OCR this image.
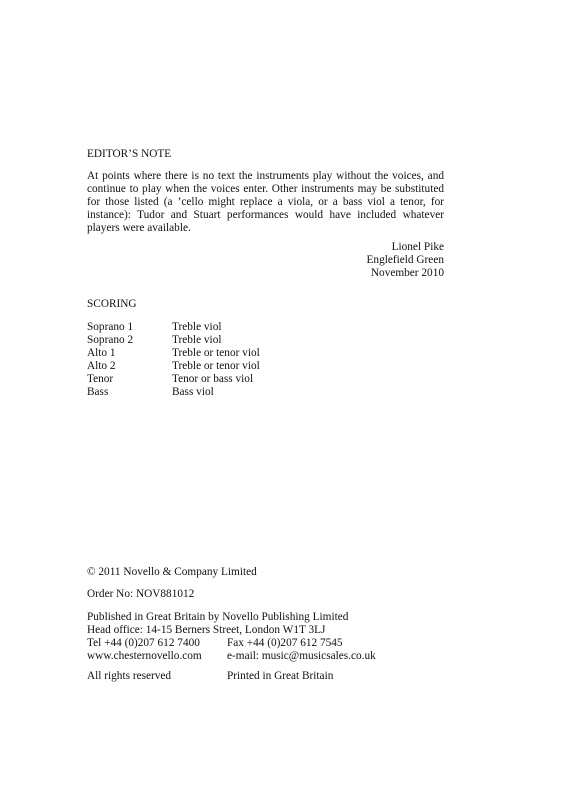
EDITOR’S NOTE
At points where there is no text the instruments play without the voices, and continue to play when the voices enter. Other instruments may be substituted for those listed (a ’cello might replace a viola, or a bass viol a tenor, for instance): Tudor and Stuart performances would have included whatever players were available.
Lionel Pike
Englefield Green
November 2010
SCORING
Soprano 1	Treble viol
Soprano 2	Treble viol
Alto 1	Treble or tenor viol
Alto 2	Treble or tenor viol
Tenor	Tenor or bass viol
Bass	Bass viol
© 2011 Novello & Company Limited
Order No: NOV881012
Published in Great Britain by Novello Publishing Limited
Head office: 14-15 Berners Street, London W1T 3LJ
Tel +44 (0)207 612 7400	Fax +44 (0)207 612 7545
www.chesternovello.com	e-mail: music@musicsales.co.uk
All rights reserved	Printed in Great Britain
